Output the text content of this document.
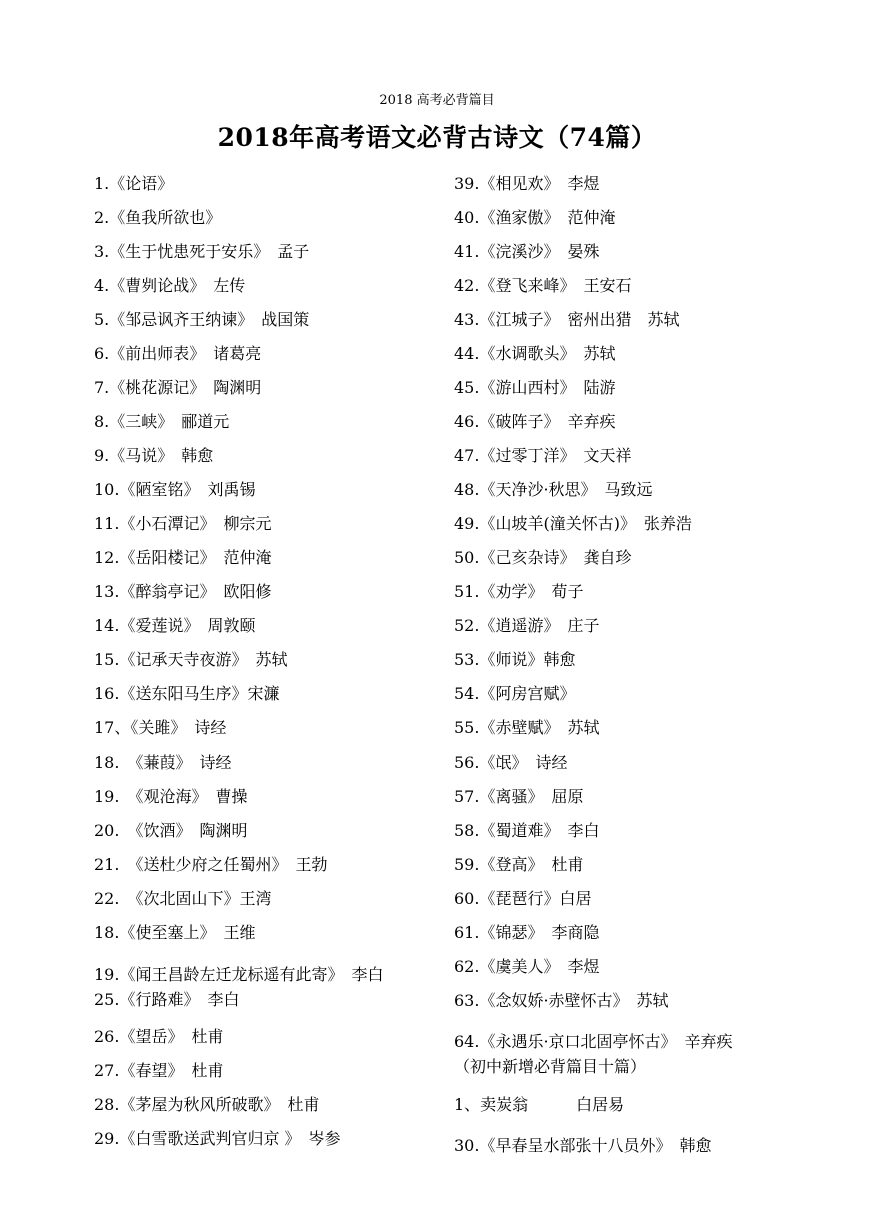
2018 高考必背篇目
2018年高考语文必背古诗文（74篇）
1.《论语》
2.《鱼我所欲也》
3.《生于忧患死于安乐》　孟子
4.《曹刿论战》　左传
5.《邹忌讽齐王纳谏》　战国策
6.《前出师表》　诸葛亮
7.《桃花源记》　陶渊明
8.《三峡》　郦道元
9.《马说》　韩愈
10.《陋室铭》　刘禹锡
11.《小石潭记》　柳宗元
12.《岳阳楼记》　范仲淹
13.《醉翁亭记》　欧阳修
14.《爱莲说》　周敦颐
15.《记承天寺夜游》　苏轼
16.《送东阳马生序》宋濂
17、《关雎》　诗经
18.　《蒹葭》　诗经
19.　《观沧海》　曹操
20.　《饮酒》　陶渊明
21.　《送杜少府之任蜀州》　王勃
22.　《次北固山下》王湾
18.《使至塞上》　王维
19.《闻王昌龄左迁龙标遥有此寄》　李白
25.《行路难》　李白
26.《望岳》　杜甫
27.《春望》　杜甫
28.《茅屋为秋风所破歌》　杜甫
29.《白雪歌送武判官归京 》　岑参
39.《相见欢》　李煜
40.《渔家傲》　范仲淹
41.《浣溪沙》　晏殊
42.《登飞来峰》　王安石
43.《江城子》　密州出猎　苏轼
44.《水调歌头》　苏轼
45.《游山西村》　陆游
46.《破阵子》　辛弃疾
47.《过零丁洋》　文天祥
48.《天净沙·秋思》　马致远
49.《山坡羊(潼关怀古)》　张养浩
50.《己亥杂诗》　龚自珍
51.《劝学》　荀子
52.《逍遥游》　庄子
53.《师说》韩愈
54.《阿房宫赋》
55.《赤壁赋》　苏轼
56.《氓》　诗经
57.《离骚》　屈原
58.《蜀道难》　李白
59.《登高》　杜甫
60.《琵琶行》白居
61.《锦瑟》　李商隐
62.《虞美人》　李煜
63.《念奴娇·赤壁怀古》　苏轼
64.《永遇乐·京口北固亭怀古》　辛弃疾
（初中新增必背篇目十篇）
1、卖炭翁　　　白居易
30.《早春呈水部张十八员外》　韩愈
